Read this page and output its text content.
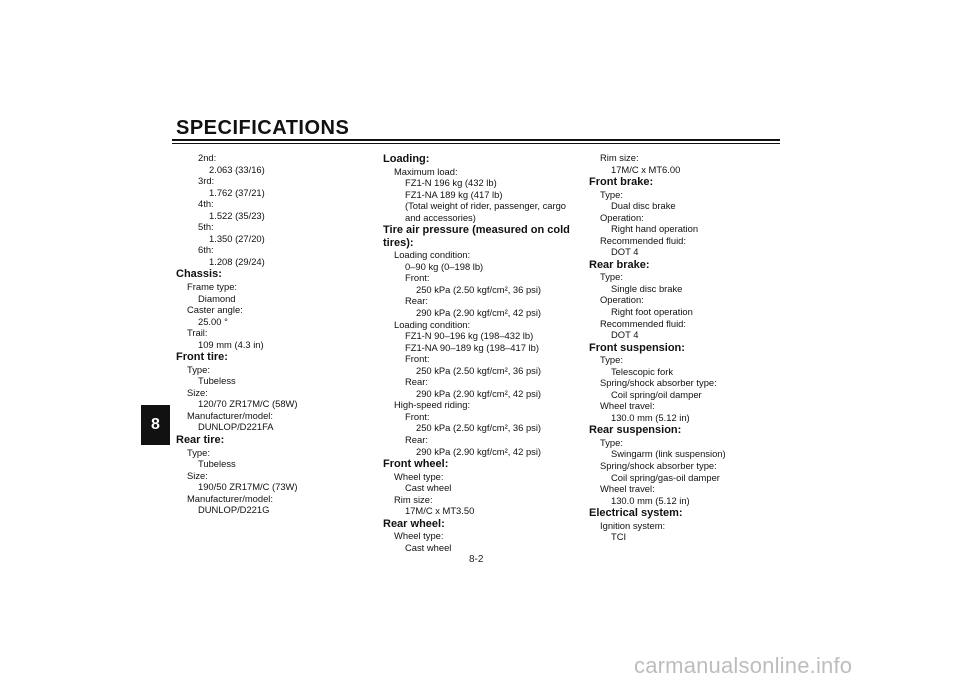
SPECIFICATIONS
8
2nd:
2.063 (33/16)
3rd:
1.762 (37/21)
4th:
1.522 (35/23)
5th:
1.350 (27/20)
6th:
1.208 (29/24)
Chassis:
Frame type:
Diamond
Caster angle:
25.00 °
Trail:
109 mm (4.3 in)
Front tire:
Type:
Tubeless
Size:
120/70 ZR17M/C (58W)
Manufacturer/model:
DUNLOP/D221FA
Rear tire:
Type:
Tubeless
Size:
190/50 ZR17M/C (73W)
Manufacturer/model:
DUNLOP/D221G
Loading:
Maximum load:
FZ1-N 196 kg (432 lb)
FZ1-NA 189 kg (417 lb)
(Total weight of rider, passenger, cargo and accessories)
Tire air pressure (measured on cold tires):
Loading condition:
0–90 kg (0–198 lb)
Front:
250 kPa (2.50 kgf/cm², 36 psi)
Rear:
290 kPa (2.90 kgf/cm², 42 psi)
Loading condition:
FZ1-N 90–196 kg (198–432 lb)
FZ1-NA 90–189 kg (198–417 lb)
Front:
250 kPa (2.50 kgf/cm², 36 psi)
Rear:
290 kPa (2.90 kgf/cm², 42 psi)
High-speed riding:
Front:
250 kPa (2.50 kgf/cm², 36 psi)
Rear:
290 kPa (2.90 kgf/cm², 42 psi)
Front wheel:
Wheel type:
Cast wheel
Rim size:
17M/C x MT3.50
Rear wheel:
Wheel type:
Cast wheel
Rim size:
17M/C x MT6.00
Front brake:
Type:
Dual disc brake
Operation:
Right hand operation
Recommended fluid:
DOT 4
Rear brake:
Type:
Single disc brake
Operation:
Right foot operation
Recommended fluid:
DOT 4
Front suspension:
Type:
Telescopic fork
Spring/shock absorber type:
Coil spring/oil damper
Wheel travel:
130.0 mm (5.12 in)
Rear suspension:
Type:
Swingarm (link suspension)
Spring/shock absorber type:
Coil spring/gas-oil damper
Wheel travel:
130.0 mm (5.12 in)
Electrical system:
Ignition system:
TCI
8-2
carmanualsonline.info
